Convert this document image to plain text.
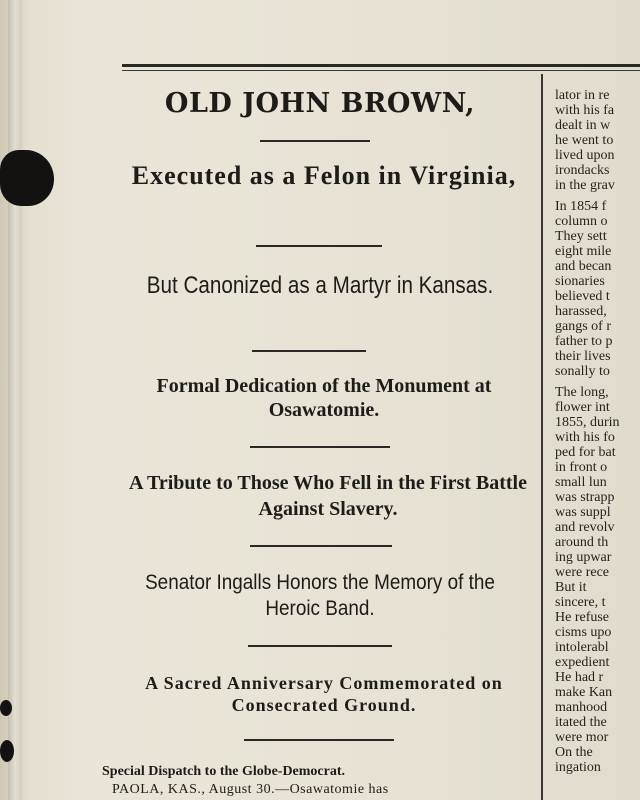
OLD JOHN BROWN,
Executed as a Felon in Virginia,
But Canonized as a Martyr in Kansas.
Formal Dedication of the Monument at Osawatomie.
A Tribute to Those Who Fell in the First Battle Against Slavery.
Senator Ingalls Honors the Memory of the Heroic Band.
A Sacred Anniversary Commemorated on Consecrated Ground.
Special Dispatch to the Globe-Democrat.
PAOLA, KAS., August 30.—Osawatomie has
lator in re
with his fa
dealt in w
he went to
lived upon
irondacks
in the grav
In 1854 f
column o
They sett
eight mile
and becan
sionaries
believed t
harassed,
gangs of r
father to p
their lives
sonally to
The long,
flower int
1855, durin
with his fo
ped for bat
in front o
small lun
was strapp
was suppl
and revolv
around th
ing upwar
were rece
But it
sincere, t
He refuse
cisms upo
intolerabl
expedient
He had r
make Kan
manhood
itated the
were mor
On the
ingation
